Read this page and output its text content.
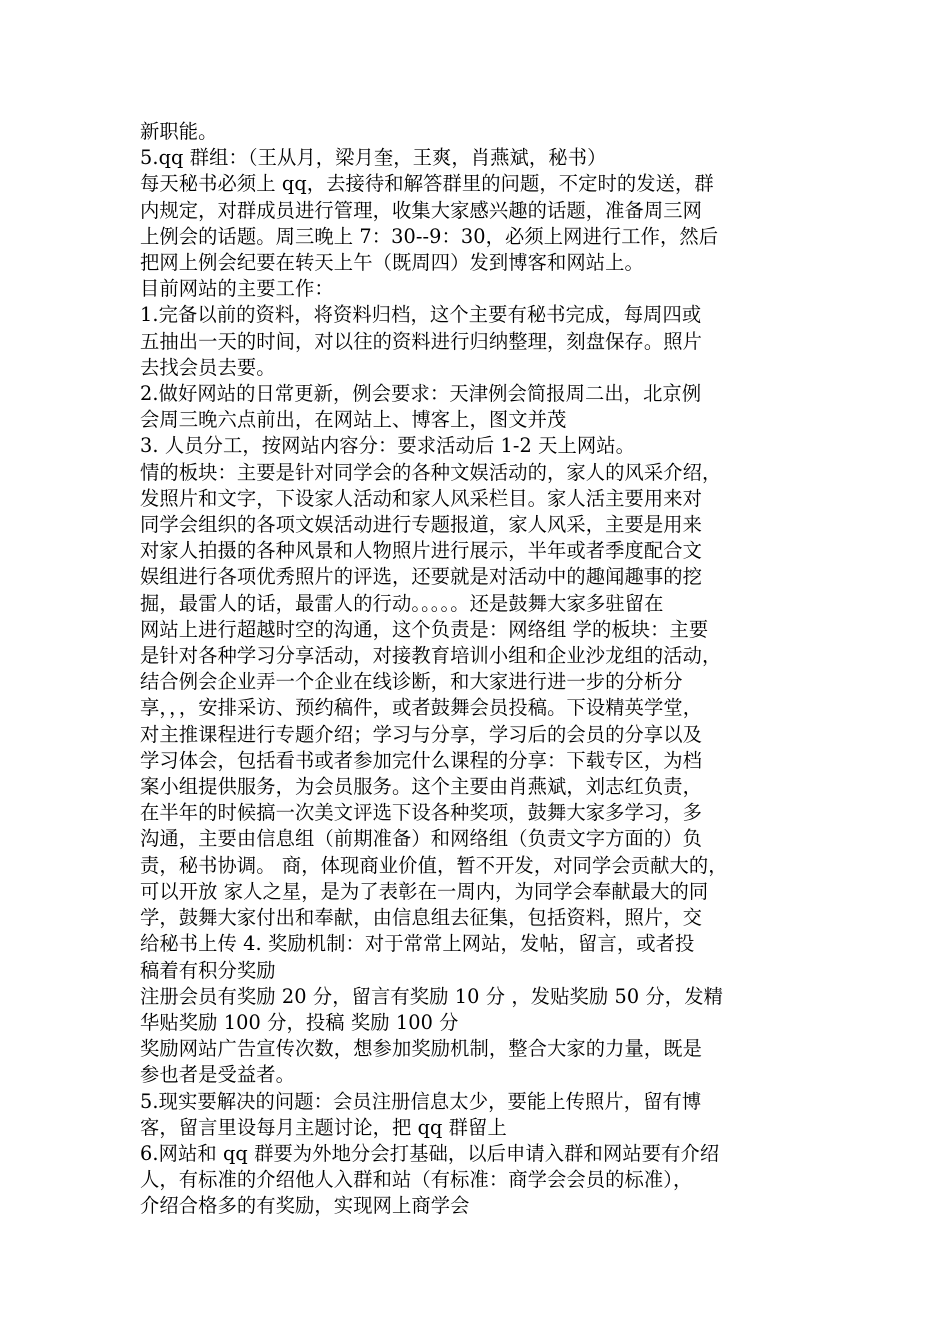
新职能。

5.qq 群组：（王从月，梁月奎，王爽，肖燕斌，秘书）

每天秘书必须上 qq，去接待和解答群里的问题，不定时的发送，群
内规定，对群成员进行管理，收集大家感兴趣的话题，准备周三网
上例会的话题。周三晚上 7：30--9：30，必须上网进行工作，然后
把网上例会纪要在转天上午（既周四）发到博客和网站上。

目前网站的主要工作：

1.完备以前的资料，将资料归档，这个主要有秘书完成，每周四或
五抽出一天的时间，对以往的资料进行归纳整理，刻盘保存。照片
去找会员去要。

2.做好网站的日常更新，例会要求：天津例会简报周二出，北京例
会周三晚六点前出，在网站上、博客上，图文并茂

3. 人员分工，按网站内容分：要求活动后 1-2 天上网站。

情的板块：主要是针对同学会的各种文娱活动的，家人的风采介绍，
发照片和文字，下设家人活动和家人风采栏目。家人活主要用来对
同学会组织的各项文娱活动进行专题报道，家人风采，主要是用来
对家人拍摄的各种风景和人物照片进行展示，半年或者季度配合文
娱组进行各项优秀照片的评选，还要就是对活动中的趣闻趣事的挖
掘，最雷人的话，最雷人的行动。。。。。还是鼓舞大家多驻留在
网站上进行超越时空的沟通，这个负责是：网络组 学的板块：主要
是针对各种学习分享活动，对接教育培训小组和企业沙龙组的活动，
结合例会企业弄一个企业在线诊断，和大家进行进一步的分析分
享，，，安排采访、预约稿件，或者鼓舞会员投稿。下设精英学堂，
对主推课程进行专题介绍；学习与分享，学习后的会员的分享以及
学习体会，包括看书或者参加完什么课程的分享：下载专区，为档
案小组提供服务，为会员服务。这个主要由肖燕斌，刘志红负责，
在半年的时候搞一次美文评选下设各种奖项，鼓舞大家多学习，多
沟通，主要由信息组（前期准备）和网络组（负责文字方面的）负
责，秘书协调。 商，体现商业价值，暂不开发，对同学会贡献大的，
可以开放 家人之星，是为了表彰在一周内，为同学会奉献最大的同
学，鼓舞大家付出和奉献，由信息组去征集，包括资料，照片，交
给秘书上传 4. 奖励机制：对于常常上网站，发帖，留言，或者投
稿着有积分奖励

注册会员有奖励 20 分，留言有奖励 10 分 ，发贴奖励 50 分，发精
华贴奖励 100 分，投稿 奖励 100 分

奖励网站广告宣传次数，想参加奖励机制，整合大家的力量，既是
参也者是受益者。

5.现实要解决的问题：会员注册信息太少，要能上传照片，留有博
客，留言里设每月主题讨论，把 qq 群留上

6.网站和 qq 群要为外地分会打基础，以后申请入群和网站要有介绍
人，有标准的介绍他人入群和站（有标准：商学会会员的标准），
介绍合格多的有奖励，实现网上商学会
